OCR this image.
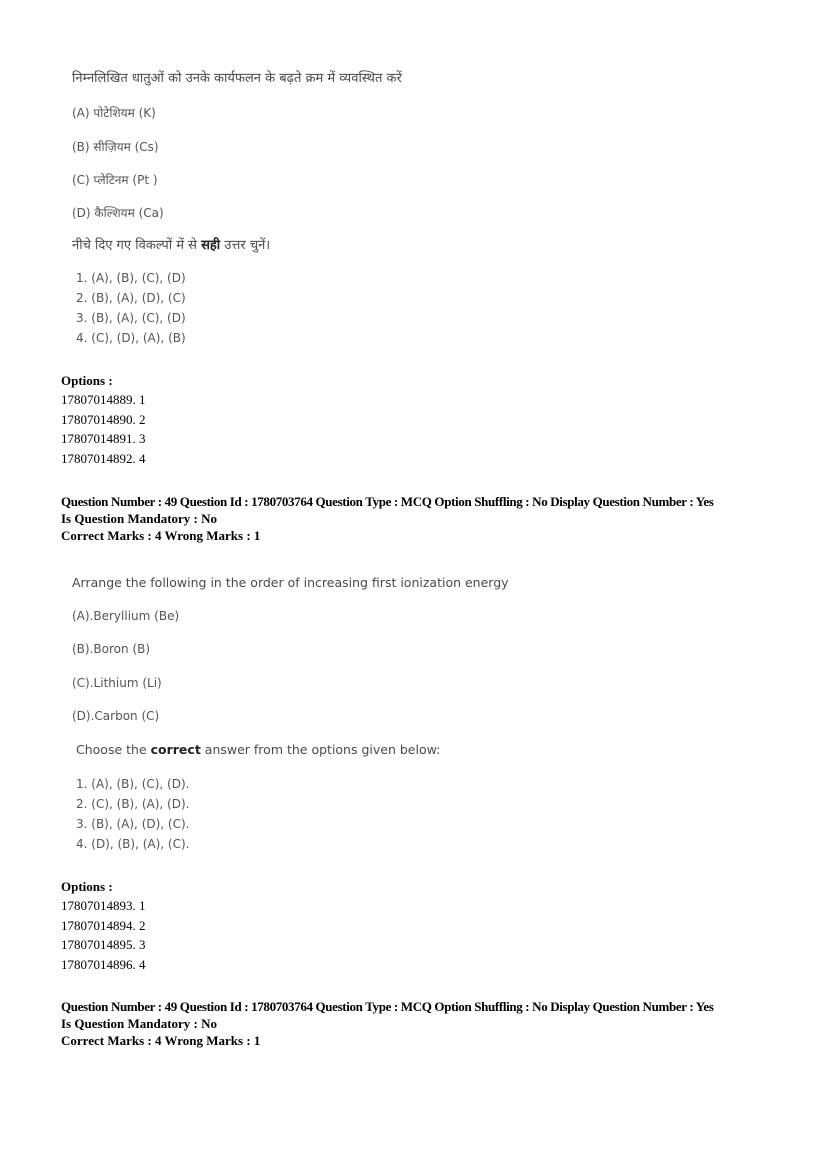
निम्नलिखित धातुओं को उनके कार्यफलन के बढ़ते क्रम में व्यवस्थित करें
(A) पोटेशियम (K)
(B) सीज़ियम (Cs)
(C) प्लेटिनम (Pt )
(D) कैल्शियम (Ca)
नीचे दिए गए विकल्पों में से सही उत्तर चुनें।
1. (A), (B), (C), (D)
2. (B), (A), (D), (C)
3. (B), (A), (C), (D)
4. (C), (D), (A), (B)
Options :
17807014889. 1
17807014890. 2
17807014891. 3
17807014892. 4
Question Number : 49 Question Id : 1780703764 Question Type : MCQ Option Shuffling : No Display Question Number : Yes
Is Question Mandatory : No
Correct Marks : 4 Wrong Marks : 1
Arrange the following in the order of increasing first ionization energy
(A).Beryllium (Be)
(B).Boron (B)
(C).Lithium (Li)
(D).Carbon (C)
Choose the correct answer from the options given below:
1. (A), (B), (C), (D).
2. (C), (B), (A), (D).
3. (B), (A), (D), (C).
4. (D), (B), (A), (C).
Options :
17807014893. 1
17807014894. 2
17807014895. 3
17807014896. 4
Question Number : 49 Question Id : 1780703764 Question Type : MCQ Option Shuffling : No Display Question Number : Yes
Is Question Mandatory : No
Correct Marks : 4 Wrong Marks : 1
